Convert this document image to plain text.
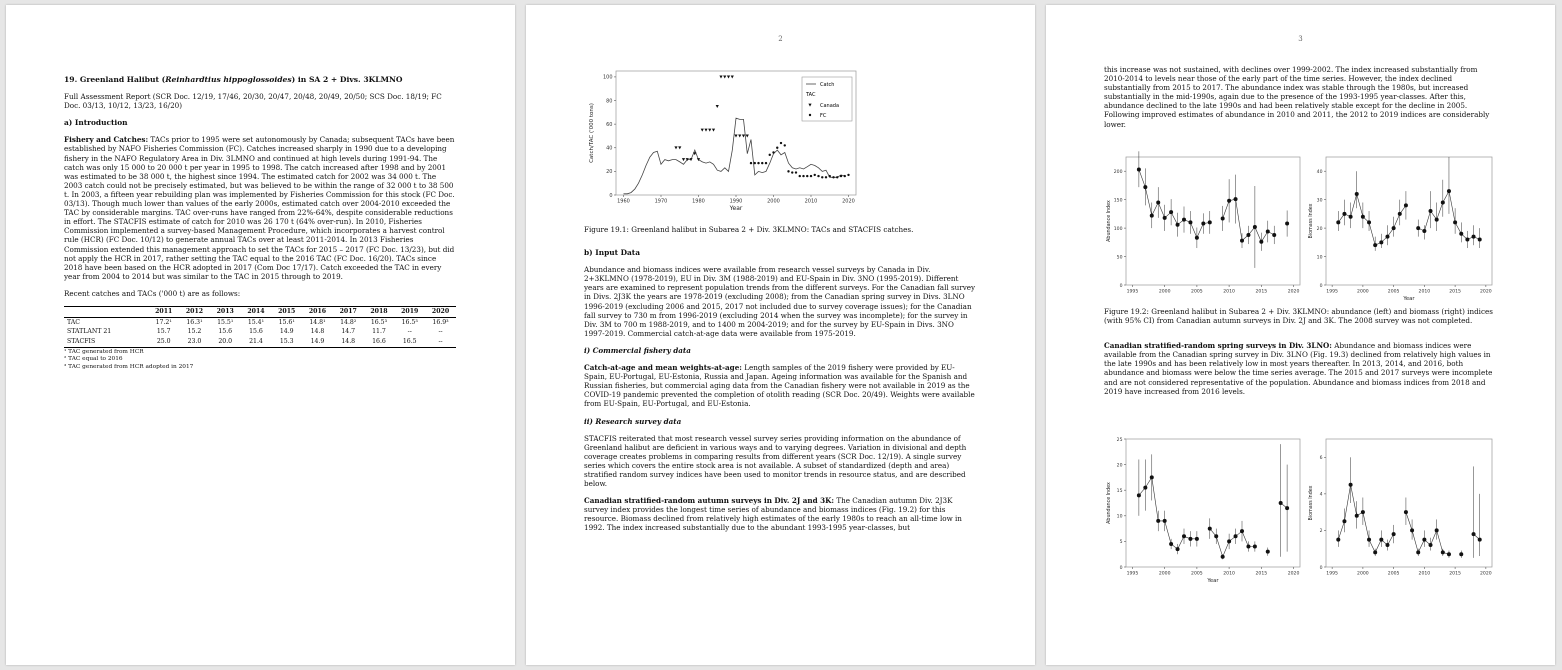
19. Greenland Halibut (Reinhardtius hippoglossoides) in SA 2 + Divs. 3KLMNO

Full Assessment Report (SCR Doc. 12/19, 17/46, 20/30, 20/47, 20/48, 20/49, 20/50; SCS Doc. 18/19; FC Doc. 03/13, 10/12, 13/23, 16/20)

a) Introduction

Fishery and Catches: TACs prior to 1995 were set autonomously by Canada; subsequent TACs have been established by NAFO Fisheries Commission (FC). Catches increased sharply in 1990 due to a developing fishery in the NAFO Regulatory Area in Div. 3LMNO and continued at high levels during 1991-94. The catch was only 15 000 to 20 000 t per year in 1995 to 1998. The catch increased after 1998 and by 2001 was estimated to be 38 000 t, the highest since 1994. The estimated catch for 2002 was 34 000 t. The 2003 catch could not be precisely estimated, but was believed to be within the range of 32 000 t to 38 500 t. In 2003, a fifteen year rebuilding plan was implemented by Fisheries Commission for this stock (FC Doc. 03/13). Though much lower than values of the early 2000s, estimated catch over 2004-2010 exceeded the TAC by considerable margins. TAC over-runs have ranged from 22%-64%, despite considerable reductions in effort. The STACFIS estimate of catch for 2010 was 26 170 t (64% over-run). In 2010, Fisheries Commission implemented a survey-based Management Procedure, which incorporates a harvest control rule (HCR) (FC Doc. 10/12) to generate annual TACs over at least 2011-2014. In 2013 Fisheries Commission extended this management approach to set the TACs for 2015 – 2017 (FC Doc. 13/23), but did not apply the HCR in 2017, rather setting the TAC equal to the 2016 TAC (FC Doc. 16/20). TACs since 2018 have been based on the HCR adopted in 2017 (Com Doc 17/17). Catch exceeded the TAC in every year from 2004 to 2014 but was similar to the TAC in 2015 through to 2019.

Recent catches and TACs ('000 t) are as follows:

	2011	2012	2013	2014	2015	2016	2017	2018	2019	2020
TAC	17.2¹	16.3¹	15.5¹	15.4¹	15.6¹	14.8¹	14.8²	16.5³	16.5³	16.9³
STATLANT 21	15.7	15.2	15.6	15.6	14.9	14.8	14.7	11.7	--	--
STACFIS	25.0	23.0	20.0	21.4	15.3	14.9	14.8	16.6	16.5	--
¹ TAC generated from HCR
² TAC equal to 2016
³ TAC generated from HCR adopted in 2017
2
1960	1970	1980	1990	2000	2010	2020
0
20
40
60
80
100
Catch/TAC ('000 tons)
Year
Catch
TAC
Canada
FC

Figure 19.1: Greenland halibut in Subarea 2 + Div. 3KLMNO: TACs and STACFIS catches.

b) Input Data

Abundance and biomass indices were available from research vessel surveys by Canada in Div. 2+3KLMNO (1978-2019), EU in Div. 3M (1988-2019) and EU-Spain in Div. 3NO (1995-2019). Different years are examined to represent population trends from the different surveys. For the Canadian fall survey in Divs. 2J3K the years are 1978-2019 (excluding 2008); from the Canadian spring survey in Divs. 3LNO 1996-2019 (excluding 2006 and 2015, 2017 not included due to survey coverage issues); for the Canadian fall survey to 730 m from 1996-2019 (excluding 2014 when the survey was incomplete); for the survey in Div. 3M to 700 m 1988-2019, and to 1400 m 2004-2019; and for the survey by EU-Spain in Divs. 3NO 1997-2019. Commercial catch-at-age data were available from 1975-2019.

i) Commercial fishery data

Catch-at-age and mean weights-at-age: Length samples of the 2019 fishery were provided by EU-Spain, EU-Portugal, EU-Estonia, Russia and Japan. Ageing information was available for the Spanish and Russian fisheries, but commercial aging data from the Canadian fishery were not available in 2019 as the COVID-19 pandemic prevented the completion of otolith reading (SCR Doc. 20/49). Weights were available from EU-Spain, EU-Portugal, and EU-Estonia.

ii) Research survey data

STACFIS reiterated that most research vessel survey series providing information on the abundance of Greenland halibut are deficient in various ways and to varying degrees. Variation in divisional and depth coverage creates problems in comparing results from different years (SCR Doc. 12/19). A single survey series which covers the entire stock area is not available. A subset of standardized (depth and area) stratified random survey indices have been used to monitor trends in resource status, and are described below.

Canadian stratified-random autumn surveys in Div. 2J and 3K: The Canadian autumn Div. 2J3K survey index provides the longest time series of abundance and biomass indices (Fig. 19.2) for this resource. Biomass declined from relatively high estimates of the early 1980s to reach an all-time low in 1992. The index increased substantially due to the abundant 1993-1995 year-classes, but

3

this increase was not sustained, with declines over 1999-2002. The index increased substantially from 2010-2014 to levels near those of the early part of the time series. However, the index declined substantially from 2015 to 2017. The abundance index was stable through the 1980s, but increased substantially in the mid-1990s, again due to the presence of the 1993-1995 year-classes. After this, abundance declined to the late 1990s and had been relatively stable except for the decline in 2005. Following improved estimates of abundance in 2010 and 2011, the 2012 to 2019 indices are considerably lower.

1995	2000	2005	2010	2015	2020
0
50
100
150
200
Abundance Index
1995	2000	2005	2010	2015	2020
0
10
20
30
40
Biomass Index
Year

Figure 19.2: Greenland halibut in Subarea 2 + Div. 3KLMNO: abundance (left) and biomass (right) indices (with 95% CI) from Canadian autumn surveys in Div. 2J and 3K. The 2008 survey was not completed.

Canadian stratified-random spring surveys in Div. 3LNO: Abundance and biomass indices were available from the Canadian spring survey in Div. 3LNO (Fig. 19.3) declined from relatively high values in the late 1990s and has been relatively low in most years thereafter. In 2013, 2014, and 2016, both abundance and biomass were below the time series average. The 2015 and 2017 surveys were incomplete and are not considered representative of the population. Abundance and biomass indices from 2018 and 2019 have increased from 2016 levels.

1995	2000	2005	2010	2015	2020
0
5
10
15
20
25
Abundance Index
Year
1995	2000	2005	2010	2015	2020
0
2
4
6
Biomass Index
